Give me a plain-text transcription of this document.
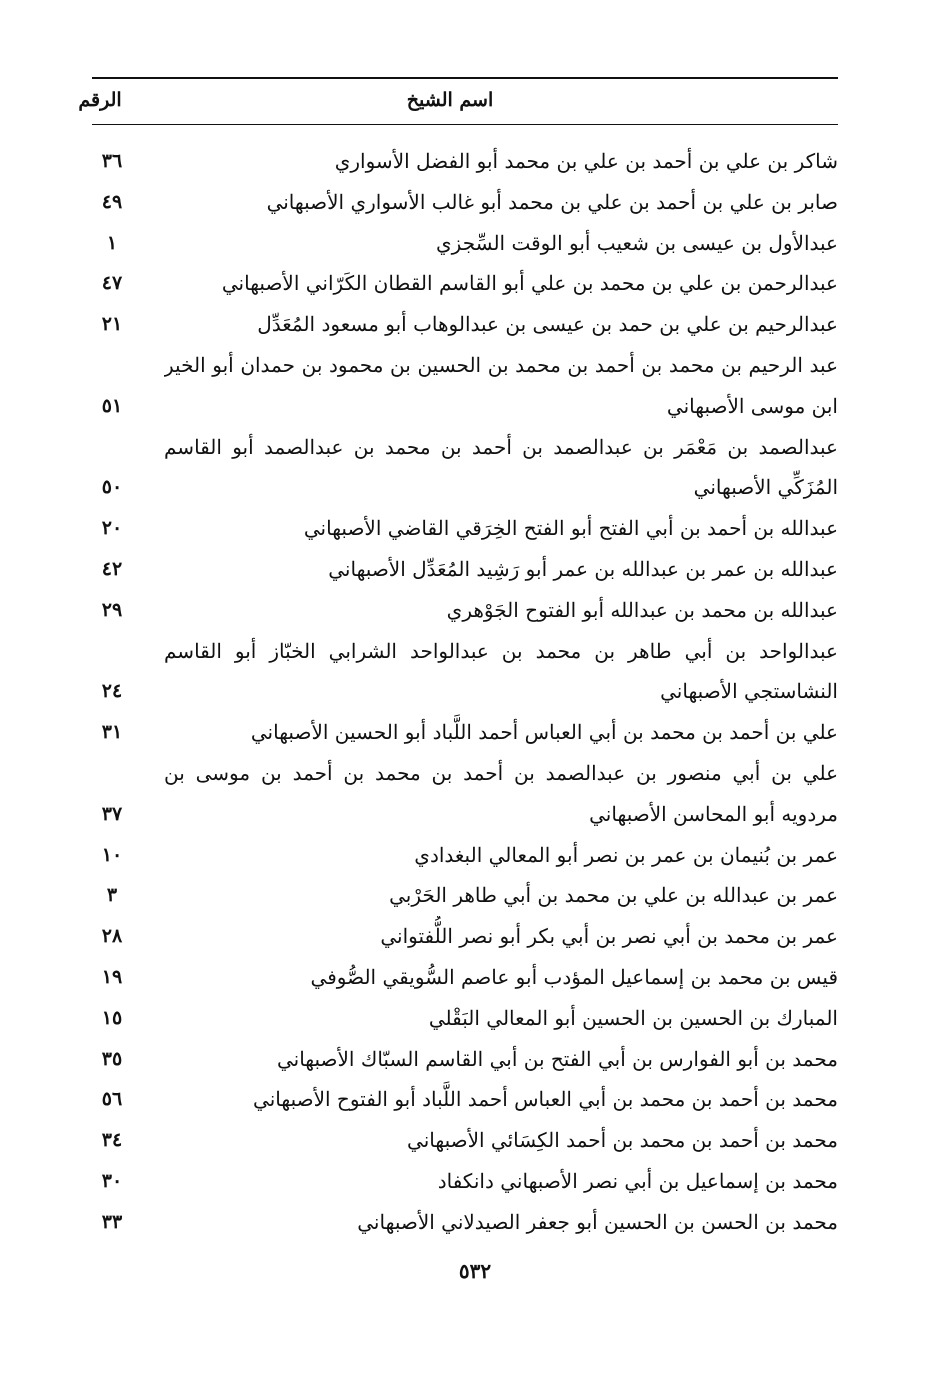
اسم الشيخ
الرقم
شاكر بن علي بن أحمد بن علي بن محمد أبو الفضل الأسواري
٣٦
صابر بن علي بن أحمد بن علي بن محمد أبو غالب الأسواري الأصبهاني
٤٩
عبدالأول بن عيسى بن شعيب أبو الوقت السِّجزي
١
عبدالرحمن بن علي بن محمد بن علي أبو القاسم القطان الكَرّاني الأصبهاني
٤٧
عبدالرحيم بن علي بن حمد بن عيسى بن عبدالوهاب أبو مسعود المُعَدِّل
٢١
عبد الرحيم بن محمد بن أحمد بن محمد بن الحسين بن محمود بن حمدان أبو الخير ابن موسى الأصبهاني
٥١
عبدالصمد بن مَعْمَر بن عبدالصمد بن أحمد بن محمد بن عبدالصمد أبو القاسم المُزَكِّي الأصبهاني
٥٠
عبدالله بن أحمد بن أبي الفتح أبو الفتح الخِرَقي القاضي الأصبهاني
٢٠
عبدالله بن عمر بن عبدالله بن عمر أبو رَشِيد المُعَدِّل الأصبهاني
٤٢
عبدالله بن محمد بن عبدالله أبو الفتوح الجَوْهري
٢٩
عبدالواحد بن أبي طاهر بن محمد بن عبدالواحد الشرابي الخبّاز أبو القاسم النشاستجي الأصبهاني
٢٤
علي بن أحمد بن محمد بن أبي العباس أحمد اللَّباد أبو الحسين الأصبهاني
٣١
علي بن أبي منصور بن عبدالصمد بن أحمد بن محمد بن أحمد بن موسى بن مردويه أبو المحاسن الأصبهاني
٣٧
عمر بن بُنيمان بن عمر بن نصر أبو المعالي البغدادي
١٠
عمر بن عبدالله بن علي بن محمد بن أبي طاهر الحَرْبي
٣
عمر بن محمد بن أبي نصر بن أبي بكر أبو نصر اللُّفتواني
٢٨
قيس بن محمد بن إسماعيل المؤدب أبو عاصم السُّويقي الصُّوفي
١٩
المبارك بن الحسين بن الحسين أبو المعالي البَقْلي
١٥
محمد بن أبو الفوارس بن أبي الفتح بن أبي القاسم السبّاك الأصبهاني
٣٥
محمد بن أحمد بن محمد بن أبي العباس أحمد اللَّباد أبو الفتوح الأصبهاني
٥٦
محمد بن أحمد بن محمد بن أحمد الكِسَائي الأصبهاني
٣٤
محمد بن إسماعيل بن أبي نصر الأصبهاني دانكفاد
٣٠
محمد بن الحسن بن الحسين أبو جعفر الصيدلاني الأصبهاني
٣٣
٥٣٢
